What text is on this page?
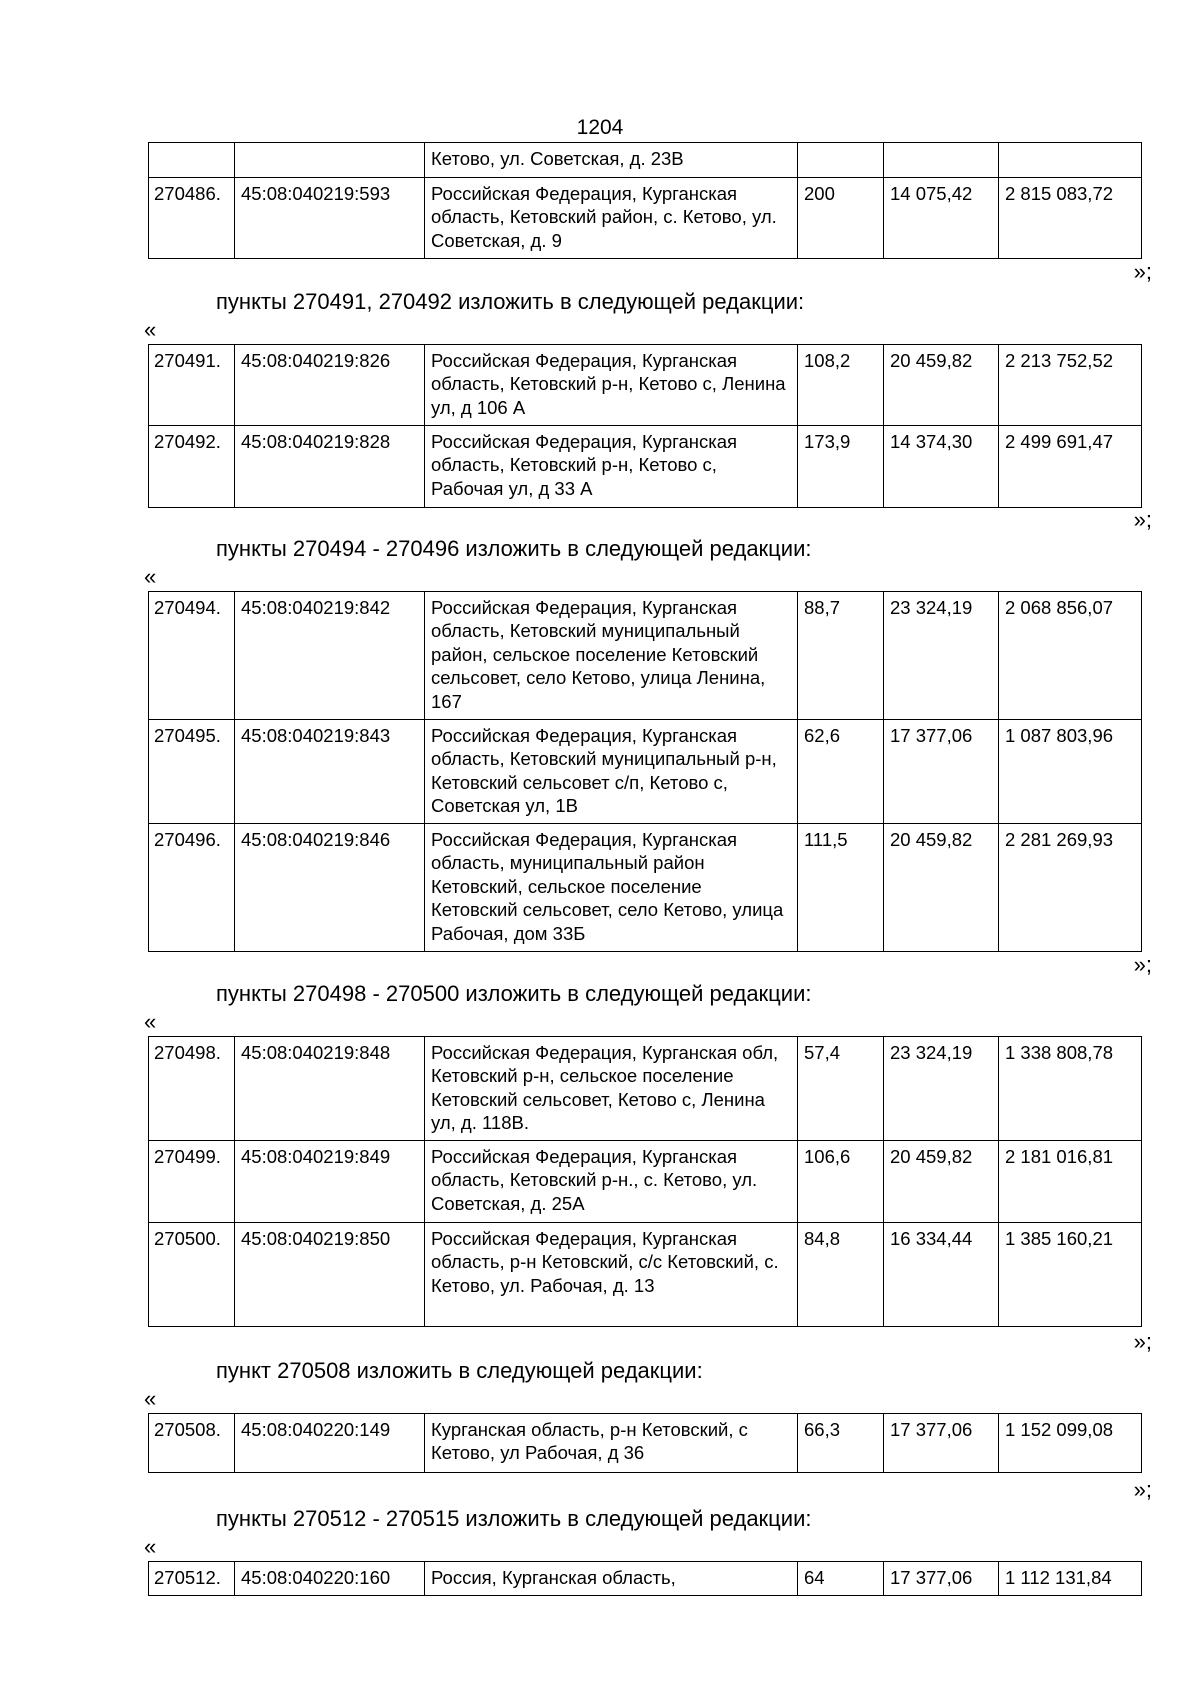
1204
		Кетово, ул. Советская, д. 23В			
270486.	45:08:040219:593	Российская Федерация, Курганская область, Кетовский район, с. Кетово, ул. Советская, д. 9	200	14 075,42	2 815 083,72
»;
пункты 270491, 270492 изложить в следующей редакции:
«
270491.	45:08:040219:826	Российская Федерация, Курганская область, Кетовский р-н, Кетово с, Ленина ул, д 106 А	108,2	20 459,82	2 213 752,52
270492.	45:08:040219:828	Российская Федерация, Курганская область, Кетовский р-н, Кетово с, Рабочая ул, д 33 А	173,9	14 374,30	2 499 691,47
»;
пункты 270494 - 270496 изложить в следующей редакции:
«
270494.	45:08:040219:842	Российская Федерация, Курганская область, Кетовский муниципальный район, сельское поселение Кетовский сельсовет, село Кетово, улица Ленина, 167	88,7	23 324,19	2 068 856,07
270495.	45:08:040219:843	Российская Федерация, Курганская область, Кетовский муниципальный р-н, Кетовский сельсовет с/п, Кетово с, Советская ул, 1В	62,6	17 377,06	1 087 803,96
270496.	45:08:040219:846	Российская Федерация, Курганская область, муниципальный район Кетовский, сельское поселение Кетовский сельсовет, село Кетово, улица Рабочая, дом 33Б	111,5	20 459,82	2 281 269,93
»;
пункты 270498 - 270500 изложить в следующей редакции:
«
270498.	45:08:040219:848	Российская Федерация, Курганская обл, Кетовский р-н, сельское поселение Кетовский сельсовет, Кетово с, Ленина ул, д. 118В.	57,4	23 324,19	1 338 808,78
270499.	45:08:040219:849	Российская Федерация, Курганская область, Кетовский р-н., с. Кетово, ул. Советская, д. 25А	106,6	20 459,82	2 181 016,81
270500.	45:08:040219:850	Российская Федерация, Курганская область, р-н Кетовский, с/с Кетовский, с. Кетово, ул. Рабочая, д. 13	84,8	16 334,44	1 385 160,21
»;
пункт 270508 изложить в следующей редакции:
«
270508.	45:08:040220:149	Курганская область, р-н Кетовский, с Кетово, ул Рабочая, д 36	66,3	17 377,06	1 152 099,08
»;
пункты 270512 - 270515 изложить в следующей редакции:
«
270512.	45:08:040220:160	Россия, Курганская область,	64	17 377,06	1 112 131,84
